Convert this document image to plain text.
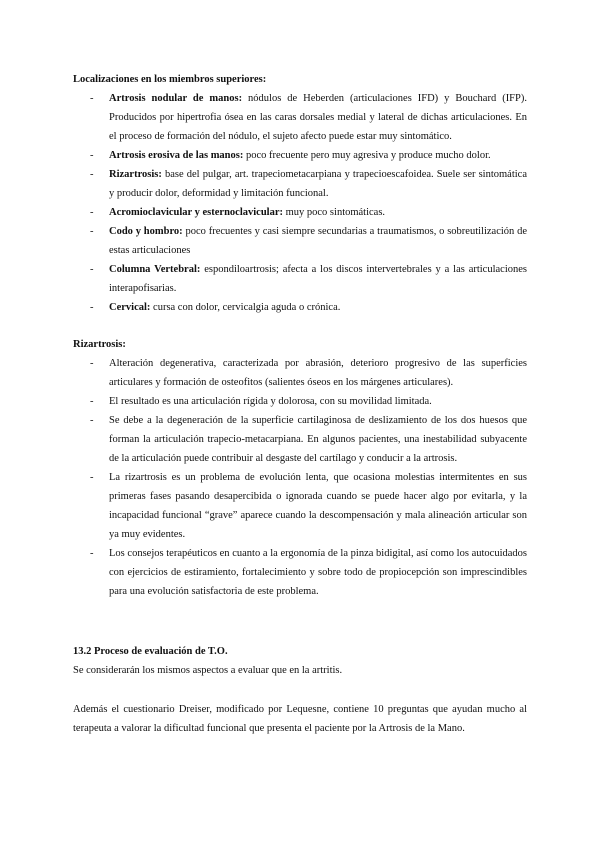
Localizaciones en los miembros superiores:

- Artrosis nodular de manos: nódulos de Heberden (articulaciones IFD) y Bouchard (IFP). Producidos por hipertrofia ósea en las caras dorsales medial y lateral de dichas articulaciones. En el proceso de formación del nódulo, el sujeto afecto puede estar muy sintomático.
- Artrosis erosiva de las manos: poco frecuente pero muy agresiva y produce mucho dolor.
- Rizartrosis: base del pulgar, art. trapeciometacarpiana y trapecioescafoidea. Suele ser sintomática y producir dolor, deformidad y limitación funcional.
- Acromioclavicular y esternoclavicular: muy poco sintomáticas.
- Codo y hombro: poco frecuentes y casi siempre secundarias a traumatismos, o sobreutilización de estas articulaciones
- Columna Vertebral: espondiloartrosis; afecta a los discos intervertebrales y a las articulaciones interapofisarias.
- Cervical: cursa con dolor, cervicalgia aguda o crónica.

Rizartrosis:

- Alteración degenerativa, caracterizada por abrasión, deterioro progresivo de las superficies articulares y formación de osteofitos (salientes óseos en los márgenes articulares).
- El resultado es una articulación rígida y dolorosa, con su movilidad limitada.
- Se debe a la degeneración de la superficie cartilaginosa de deslizamiento de los dos huesos que forman la articulación trapecio-metacarpiana. En algunos pacientes, una inestabilidad subyacente de la articulación puede contribuir al desgaste del cartílago y conducir a la artrosis.
- La rizartrosis es un problema de evolución lenta, que ocasiona molestias intermitentes en sus primeras fases pasando desapercibida o ignorada cuando se puede hacer algo por evitarla, y la incapacidad funcional “grave” aparece cuando la descompensación y mala alineación articular son ya muy evidentes.
- Los consejos terapéuticos en cuanto a la ergonomía de la pinza bidigital, así como los autocuidados con ejercicios de estiramiento, fortalecimiento y sobre todo de propiocepción son imprescindibles para una evolución satisfactoria de este problema.

13.2 Proceso de evaluación de T.O.

Se considerarán los mismos aspectos a evaluar que en la artritis.

Además el cuestionario Dreiser, modificado por Lequesne, contiene 10 preguntas que ayudan mucho al terapeuta a valorar la dificultad funcional que presenta el paciente por la Artrosis de la Mano.
